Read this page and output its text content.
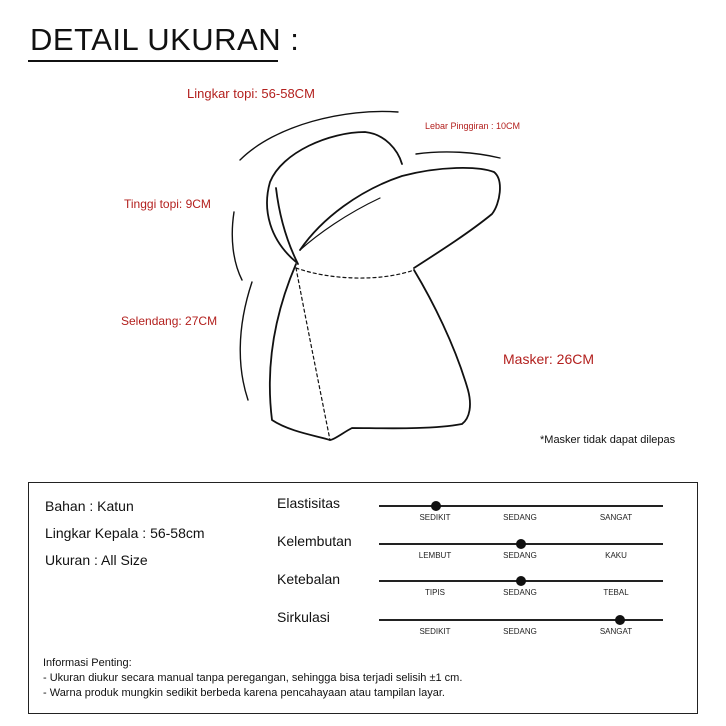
DETAIL UKURAN :
Lingkar topi: 56-58CM
Lebar Pinggiran : 10CM
Tinggi topi: 9CM
Selendang: 27CM
Masker: 26CM
*Masker tidak dapat dilepas
Bahan : Katun
Lingkar Kepala : 56-58cm
Ukuran : All Size
Elastisitas
SEDIKIT	SEDANG	SANGAT
Kelembutan
LEMBUT	SEDANG	KAKU
Ketebalan
TIPIS	SEDANG	TEBAL
Sirkulasi
SEDIKIT	SEDANG	SANGAT
Informasi Penting:
- Ukuran diukur secara manual tanpa peregangan, sehingga bisa terjadi selisih ±1 cm.
- Warna produk mungkin sedikit berbeda karena pencahayaan atau tampilan layar.
